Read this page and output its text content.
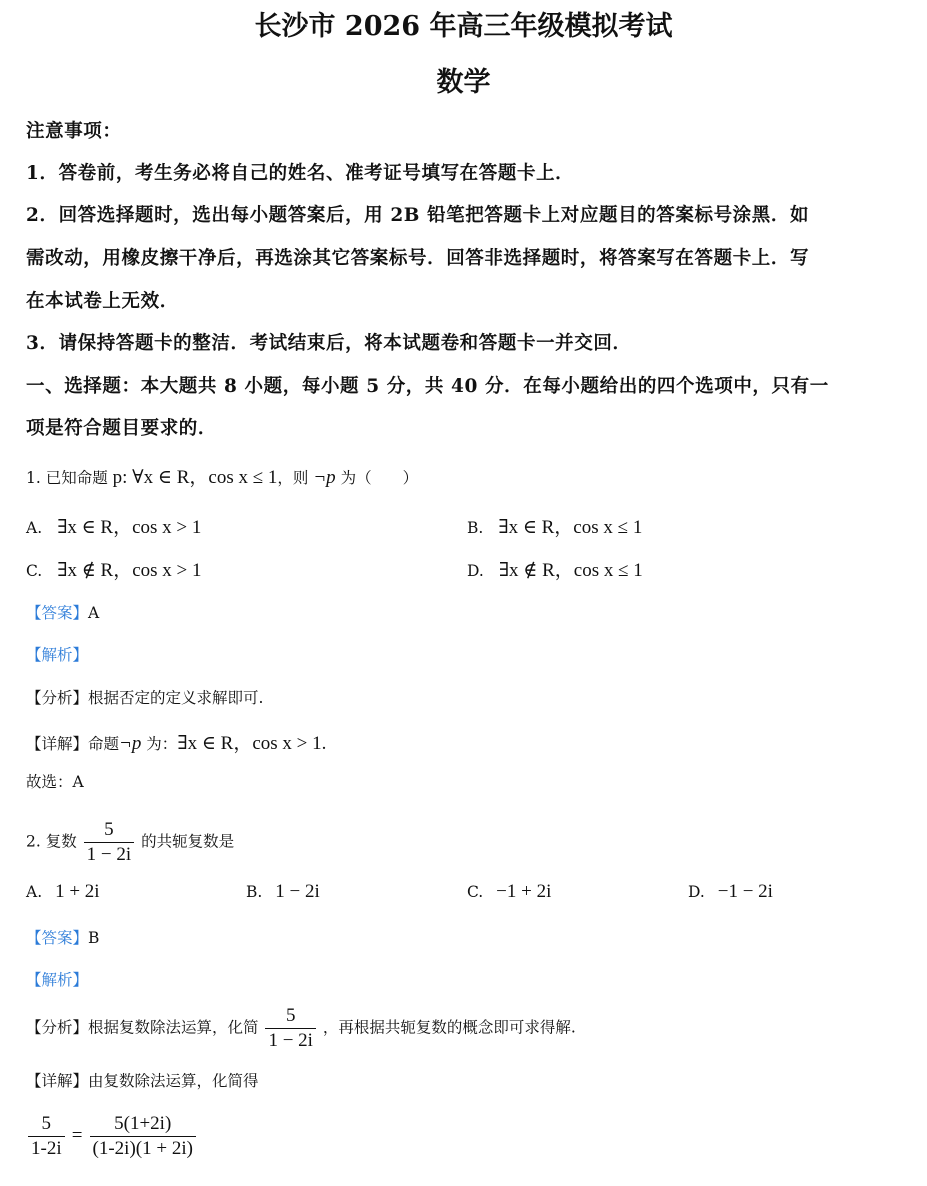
长沙市 2026 年高三年级模拟考试
数学
注意事项：
1．答卷前，考生务必将自己的姓名、准考证号填写在答题卡上．
2．回答选择题时，选出每小题答案后，用 2B 铅笔把答题卡上对应题目的答案标号涂黑．如
需改动，用橡皮擦干净后，再选涂其它答案标号．回答非选择题时，将答案写在答题卡上．写
在本试卷上无效．
3．请保持答题卡的整洁．考试结束后，将本试题卷和答题卡一并交回．
一、选择题：本大题共 8 小题，每小题 5 分，共 40 分．在每小题给出的四个选项中，只有一
项是符合题目要求的．
1. 已知命题 p: ∀x ∈ R，cos x ≤ 1，则 ¬p 为（　　）
A. ∃x ∈ R，cos x > 1	B. ∃x ∈ R，cos x ≤ 1
C. ∃x ∉ R，cos x > 1	D. ∃x ∉ R，cos x ≤ 1
【答案】A
【解析】
【分析】根据否定的定义求解即可.
【详解】命题¬p 为：∃x ∈ R，cos x > 1.
故选：A
2. 复数 $\frac{5}{1 - 2i}$ 的共轭复数是
A. 1 + 2i	B. 1 − 2i	C. −1 + 2i	D. −1 − 2i
【答案】B
【解析】
【分析】根据复数除法运算，化简 $\frac{5}{1 - 2i}$ ，再根据共轭复数的概念即可求得解.
【详解】由复数除法运算，化简得
$\frac{5}{1-2i} = \frac{5(1+2i)}{(1-2i)(1 + 2i)}$
